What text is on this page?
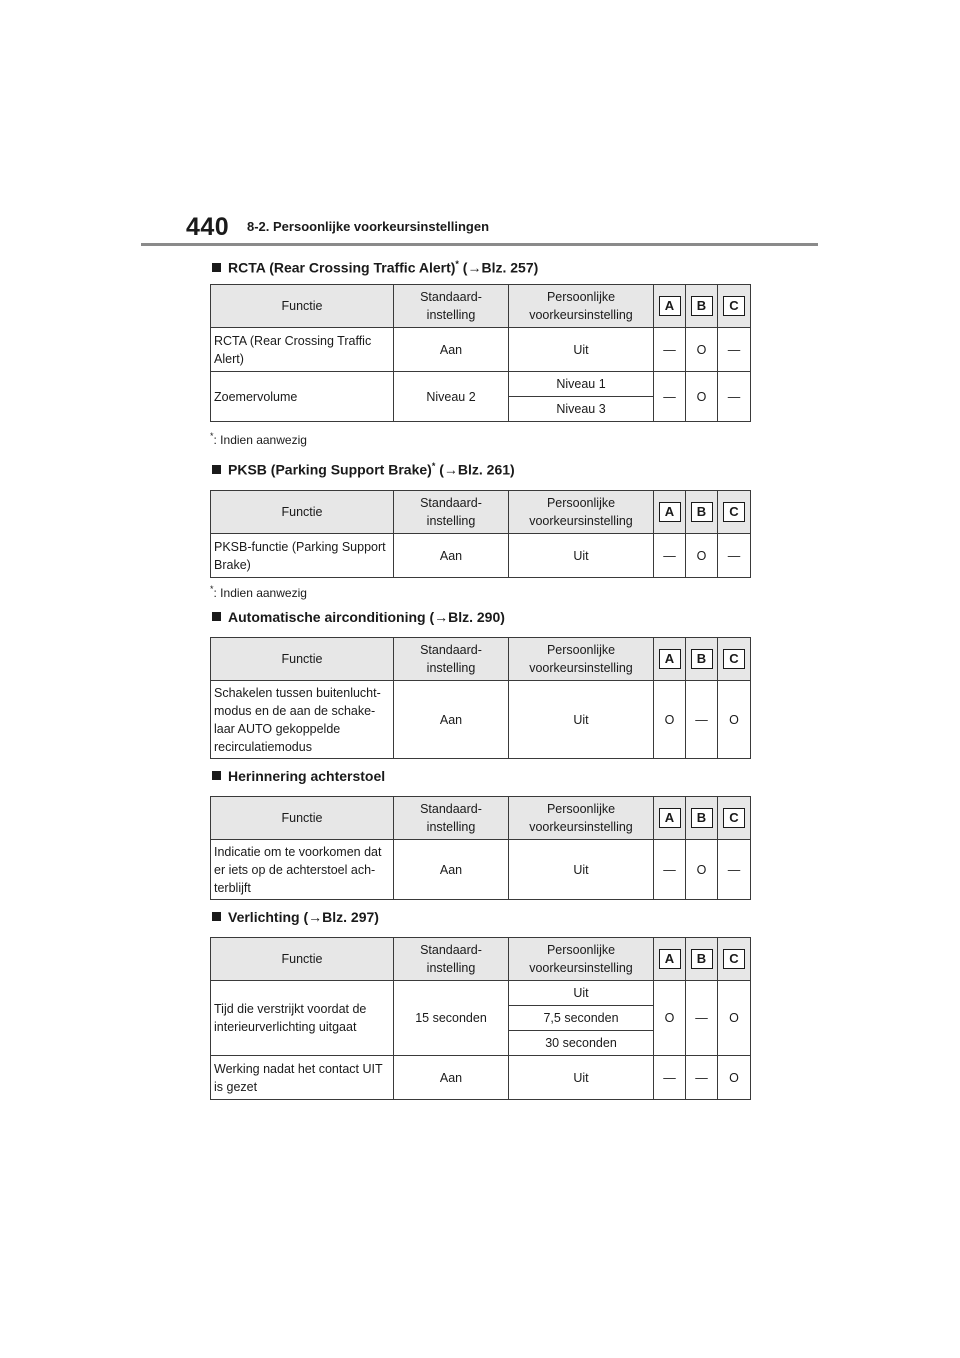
440 8-2. Persoonlijke voorkeursinstellingen
RCTA (Rear Crossing Traffic Alert)* (→Blz. 257)
Functie	Standaard-instelling	Persoonlijke voorkeursinstelling	A	B	C
RCTA (Rear Crossing Traffic Alert)	Aan	Uit	—	O	—
Zoemervolume	Niveau 2	Niveau 1	—	O	—
		Niveau 3			
*: Indien aanwezig
PKSB (Parking Support Brake)* (→Blz. 261)
Functie	Standaard-instelling	Persoonlijke voorkeursinstelling	A	B	C
PKSB-functie (Parking Support Brake)	Aan	Uit	—	O	—
*: Indien aanwezig
Automatische airconditioning (→Blz. 290)
Functie	Standaard-instelling	Persoonlijke voorkeursinstelling	A	B	C
Schakelen tussen buitenlucht-modus en de aan de schake-laar AUTO gekoppelde recirculatiemodus	Aan	Uit	O	—	O
Herinnering achterstoel
Functie	Standaard-instelling	Persoonlijke voorkeursinstelling	A	B	C
Indicatie om te voorkomen dat er iets op de achterstoel ach-terblijft	Aan	Uit	—	O	—
Verlichting (→Blz. 297)
Functie	Standaard-instelling	Persoonlijke voorkeursinstelling	A	B	C
Tijd die verstrijkt voordat de interieurverlichting uitgaat	15 seconden	Uit	O	—	O
		7,5 seconden			
		30 seconden			
Werking nadat het contact UIT is gezet	Aan	Uit	—	—	O
